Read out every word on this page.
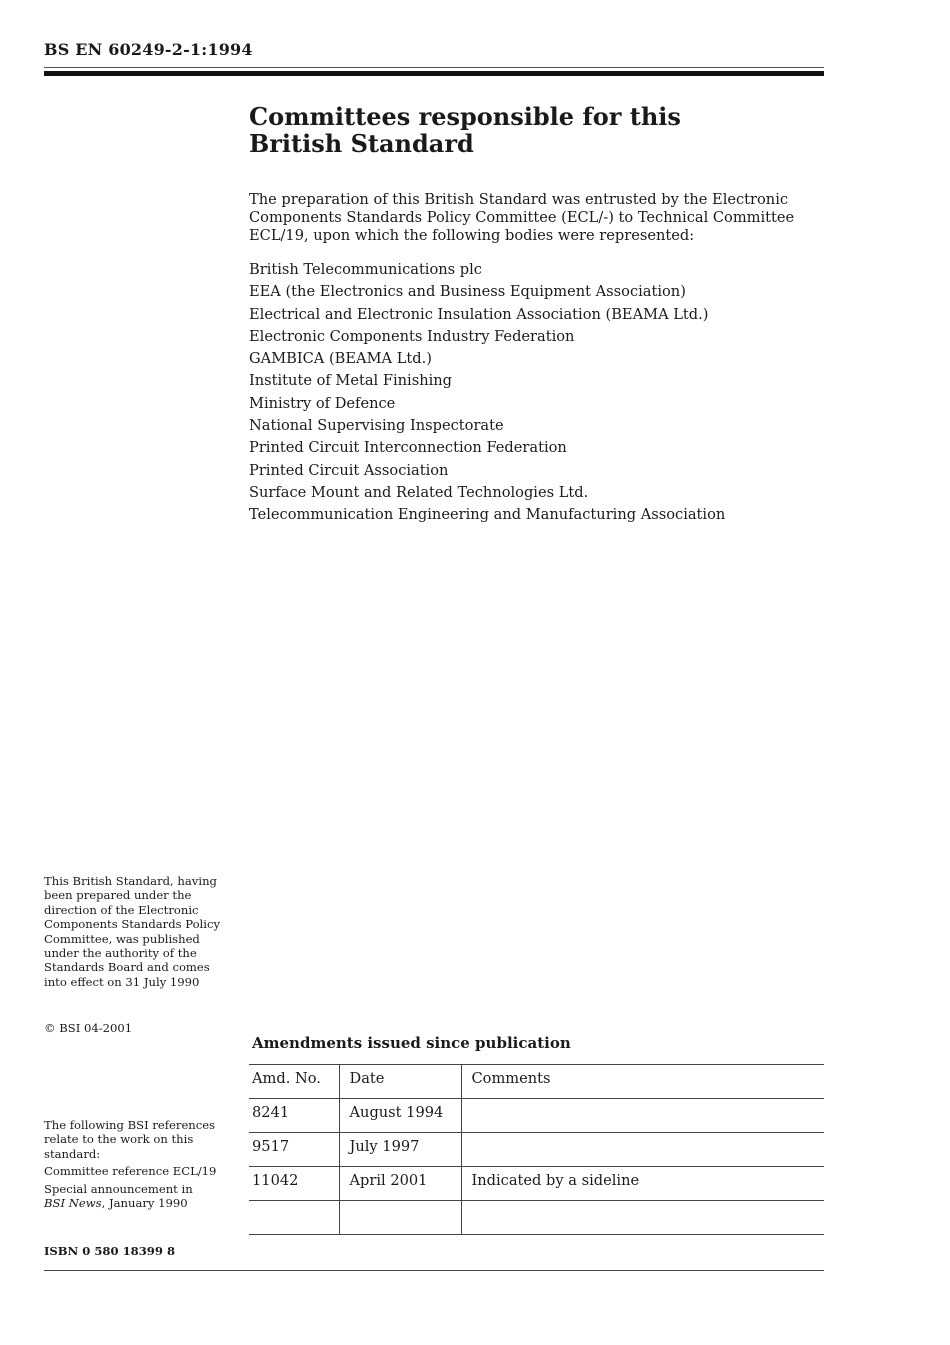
BS EN 60249-2-1:1994
Committees responsible for this
British Standard
The preparation of this British Standard was entrusted by the Electronic Components Standards Policy Committee (ECL/-) to Technical Committee ECL/19, upon which the following bodies were represented:
British Telecommunications plc
EEA (the Electronics and Business Equipment Association)
Electrical and Electronic Insulation Association (BEAMA Ltd.)
Electronic Components Industry Federation
GAMBICA (BEAMA Ltd.)
Institute of Metal Finishing
Ministry of Defence
National Supervising Inspectorate
Printed Circuit Interconnection Federation
Printed Circuit Association
Surface Mount and Related Technologies Ltd.
Telecommunication Engineering and Manufacturing Association
This British Standard, having been prepared under the direction of the Electronic Components Standards Policy Committee, was published under the authority of the Standards Board and comes into effect on 31 July 1990
© BSI 04-2001

The following BSI references relate to the work on this standard:

Committee reference ECL/19

Special announcement in
BSI News, January 1990

ISBN 0 580 18399 8
Amendments issued since publication
Amd. No.	Date	Comments
8241	August 1994	
9517	July 1997	
11042	April 2001	Indicated by a sideline
